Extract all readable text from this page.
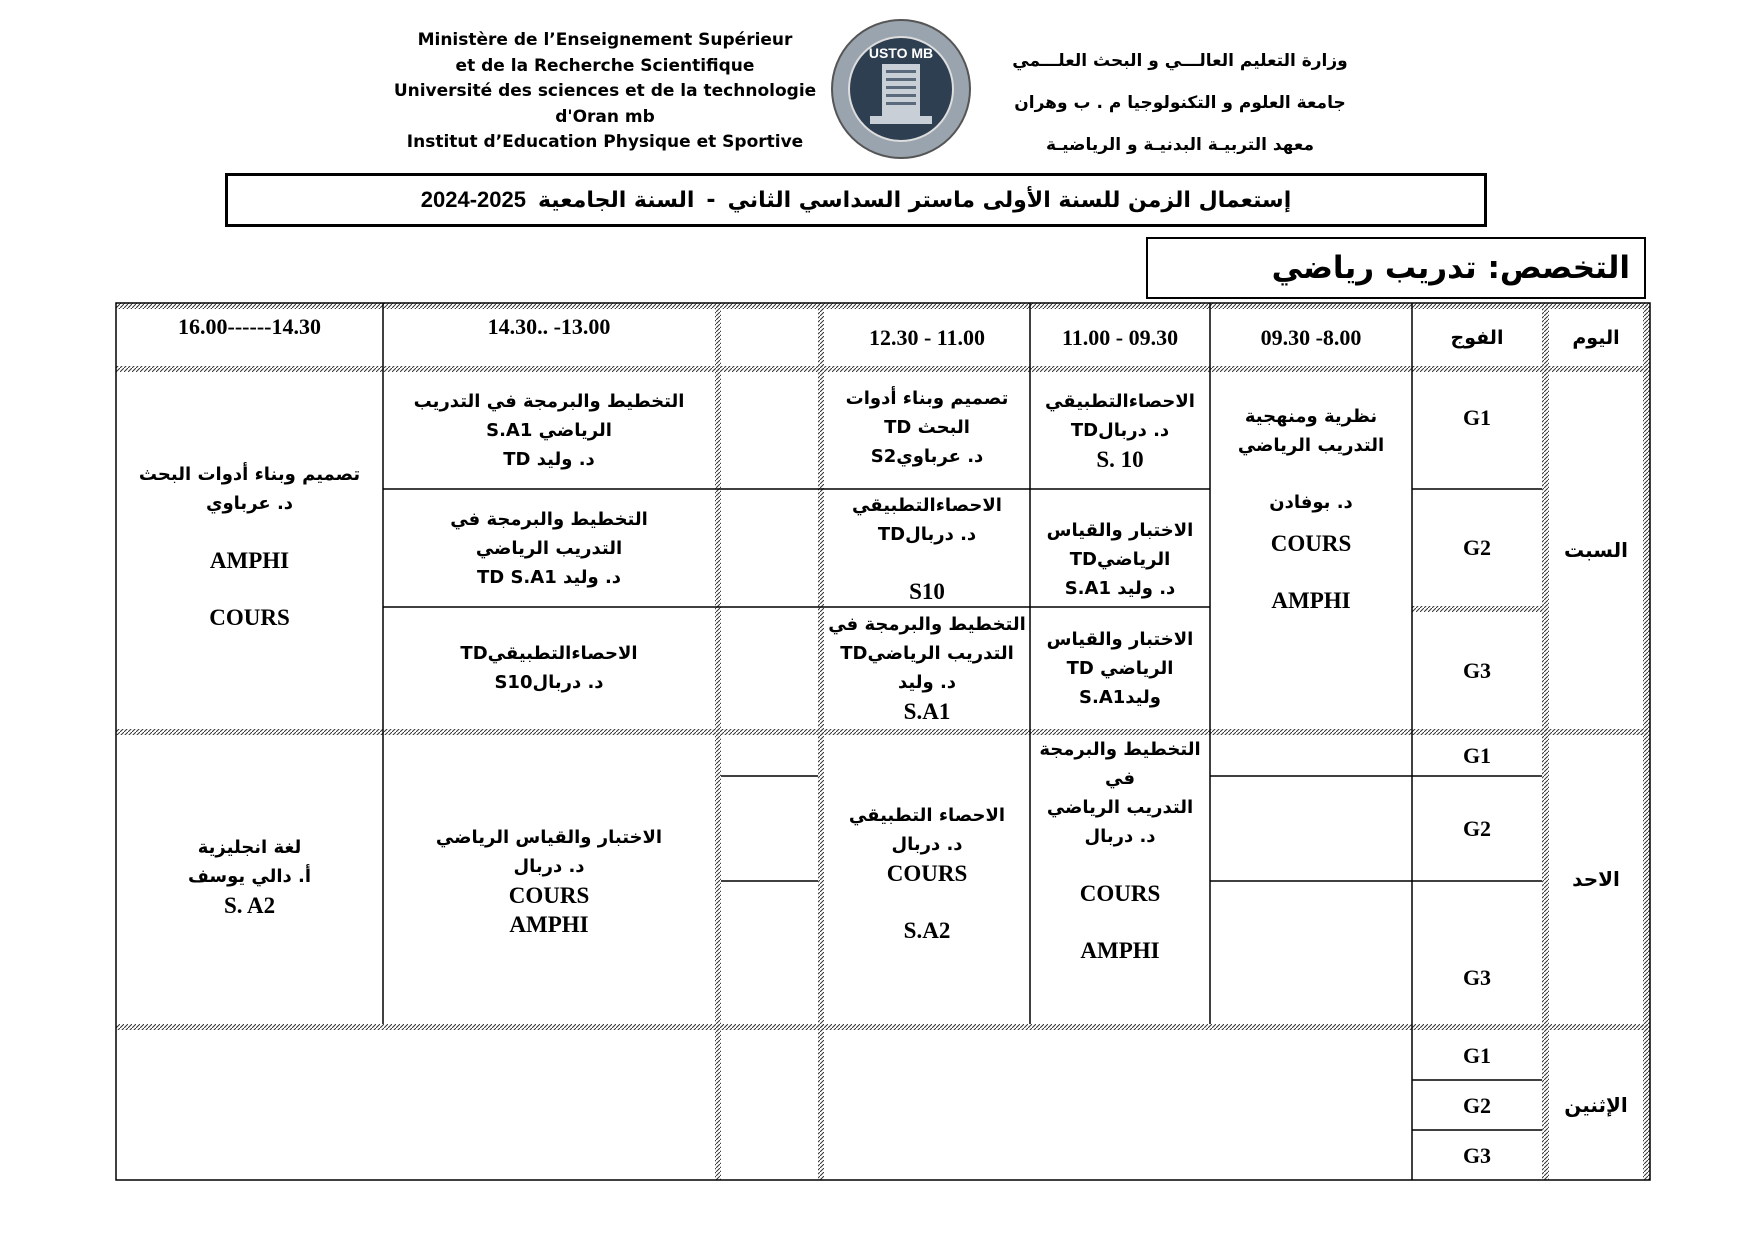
Ministère de l’Enseignement Supérieur
et de la Recherche Scientifique
Université des sciences et de la technologie
d'Oran mb
Institut d’Education Physique et Sportive
USTO MB	وزارة التعليم العالـــي و البحث العلـــمي
جامعة العلوم و التكنولوجيا م . ب وهران
معهد التربيـة البدنيـة و الرياضيـة
إستعمال الزمن للسنة الأولى ماستر السداسي الثاني
-
السنة الجامعية
2024-2025
التخصص: تدريب رياضي
اليوم
الفوج
8.00- 09.30
09.30 - 11.00
11.00 - 12.30
13.00- ..14.30
14.30------16.00
السبت
الاحد
الإثنين
G1
G2
G3
G1
G2
G3
G1
G2
G3
نظرية ومنهجية
التدريب الرياضي
د. بوفادن
COURS
AMPHI
الاحصاءالتطبيقي
د. دربالTD
S. 10
الاختبار والقياس
الرياضيTD
د. وليد S.A1
الاختبار والقياس
الرياضي TD
وليدS.A1
تصميم وبناء أدوات
البحث TD
د. عرباويS2
الاحصاءالتطبيقي
د. دربالTD
S10
التخطيط والبرمجة في
التدريب الرياضيTD
د. وليد
S.A1
التخطيط والبرمجة في التدريب
الرياضي S.A1
د. وليد TD
التخطيط والبرمجة في
التدريب الرياضي
د. وليد TD S.A1
الاحصاءالتطبيقيTD
د. دربالS10
تصميم وبناء أدوات البحث
د. عرباوي
AMPHI
COURS
التخطيط والبرمجة
في
التدريب الرياضي
د. دربال
COURS
AMPHI
الاحصاء التطبيقي
د. دربال
COURS
S.A2
الاختبار والقياس الرياضي
د. دربال
COURS
AMPHI
لغة انجليزية
أ. دالي يوسف
S. A2
